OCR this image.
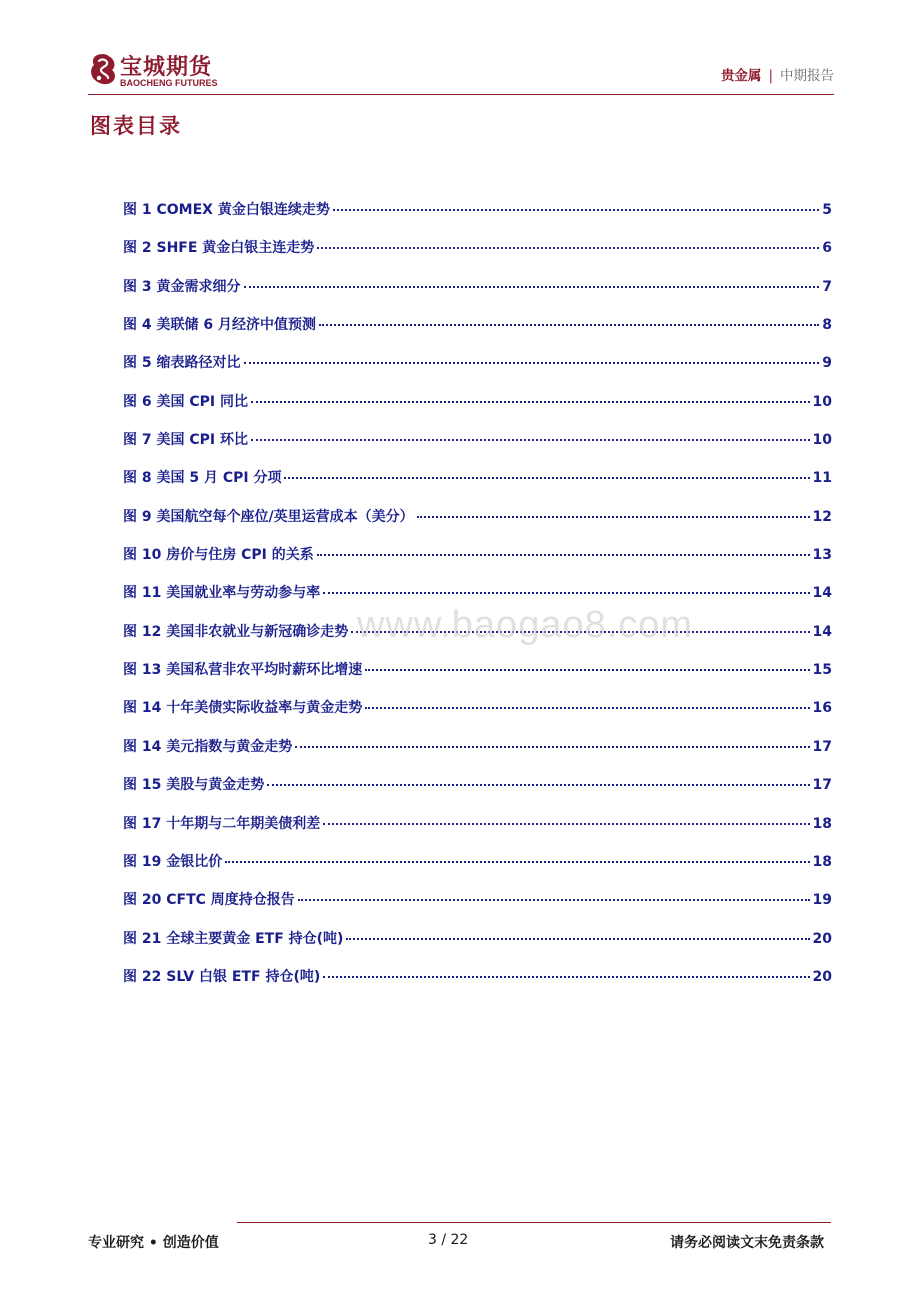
宝城期货
BAOCHENG FUTURES	贵金属 | 中期报告
图表目录
图 1 COMEX 黄金白银连续走势	5
图 2 SHFE 黄金白银主连走势	6
图 3 黄金需求细分	7
图 4 美联储 6 月经济中值预测	8
图 5 缩表路径对比	9
图 6 美国 CPI 同比	10
图 7 美国 CPI 环比	10
图 8 美国 5 月 CPI 分项	11
图 9 美国航空每个座位/英里运营成本（美分）	12
图 10 房价与住房 CPI 的关系	13
图 11 美国就业率与劳动参与率	14
图 12 美国非农就业与新冠确诊走势	14
图 13 美国私营非农平均时薪环比增速	15
图 14 十年美债实际收益率与黄金走势	16
图 14 美元指数与黄金走势	17
图 15 美股与黄金走势	17
图 17 十年期与二年期美债利差	18
图 19 金银比价	18
图 20 CFTC 周度持仓报告	19
图 21 全球主要黄金 ETF 持仓(吨)	20
图 22 SLV 白银 ETF 持仓(吨)	20
www.baogao8.com
专业研究 • 创造价值	3 / 22	请务必阅读文末免责条款
